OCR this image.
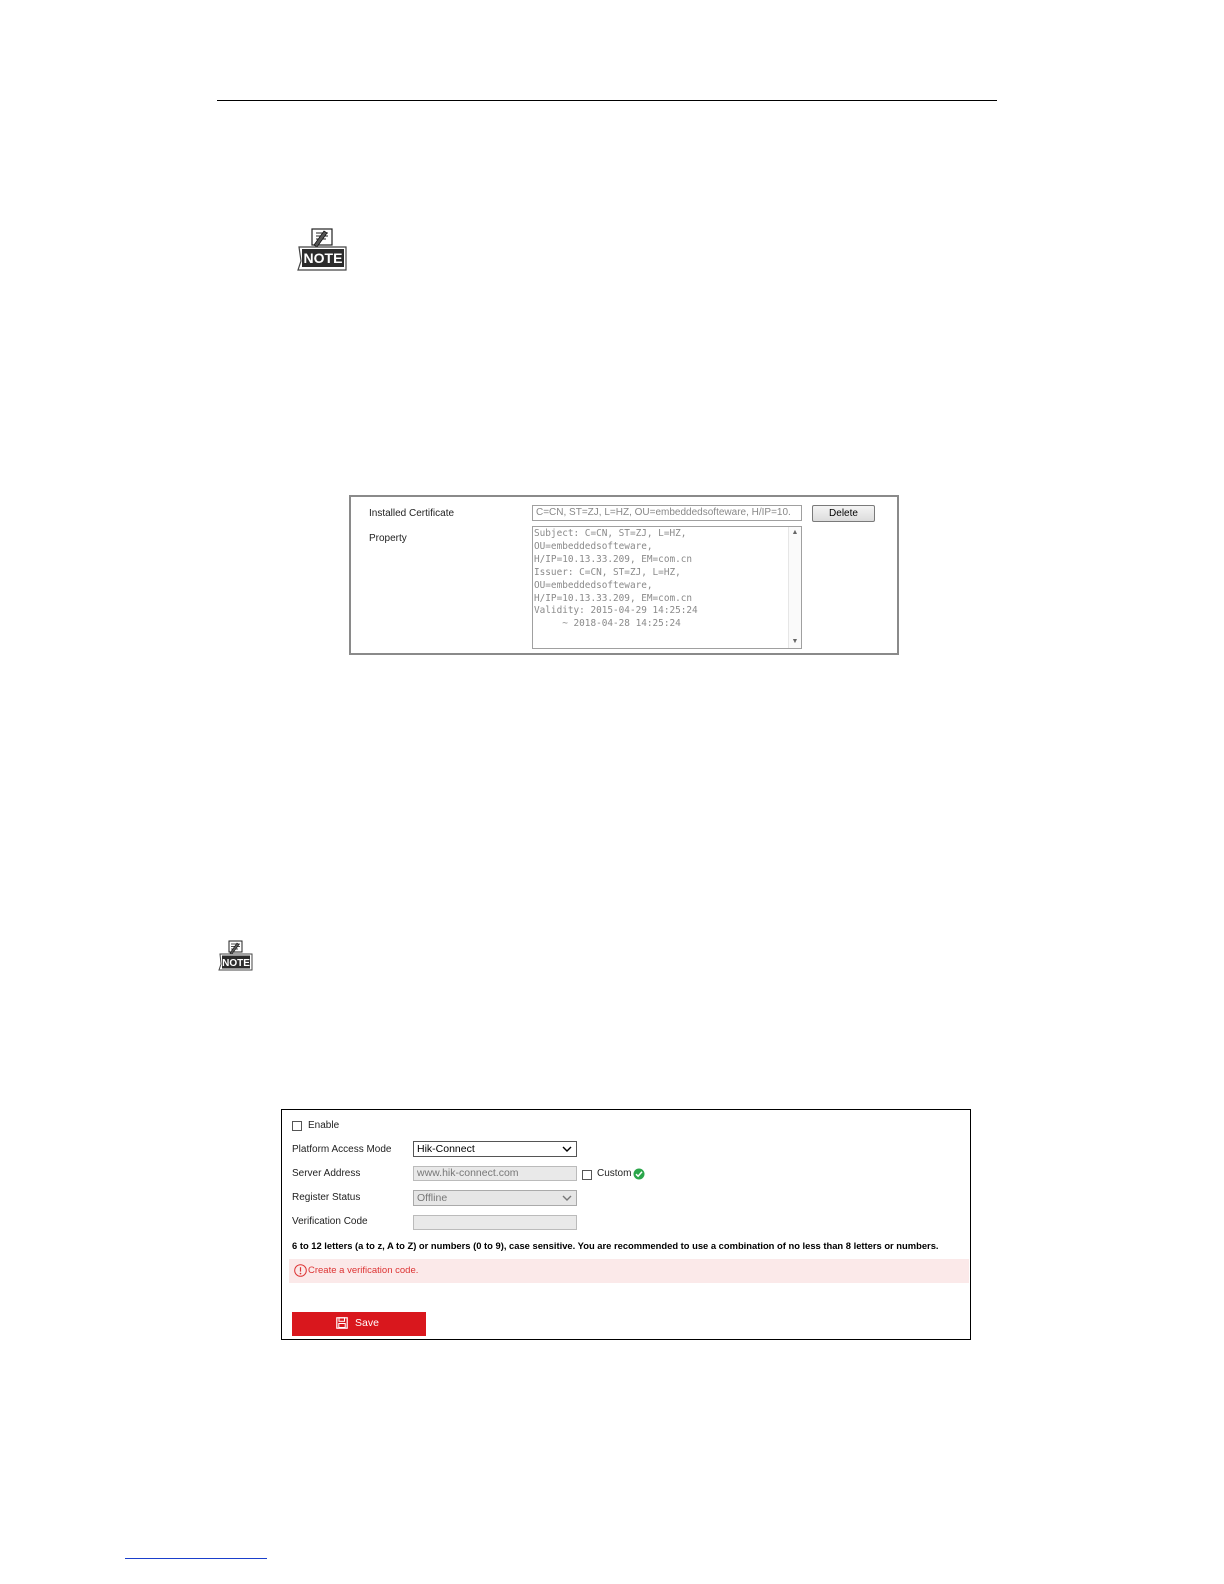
NOTE
Installed Certificate	C=CN, ST=ZJ, L=HZ, OU=embeddedsofteware, H/IP=10.	Delete
Property	Subject: C=CN, ST=ZJ, L=HZ,
OU=embeddedsofteware,
H/IP=10.13.33.209, EM=com.cn
Issuer: C=CN, ST=ZJ, L=HZ,
OU=embeddedsofteware,
H/IP=10.13.33.209, EM=com.cn
Validity: 2015-04-29 14:25:24
~ 2018-04-28 14:25:24
▲
▼
NOTE
Enable
Platform Access Mode	Hik-Connect
Server Address	www.hik-connect.com	Custom
Register Status	Offline
Verification Code
6 to 12 letters (a to z, A to Z) or numbers (0 to 9), case sensitive. You are recommended to use a combination of no less than 8 letters or numbers.
Create a verification code.
Save
